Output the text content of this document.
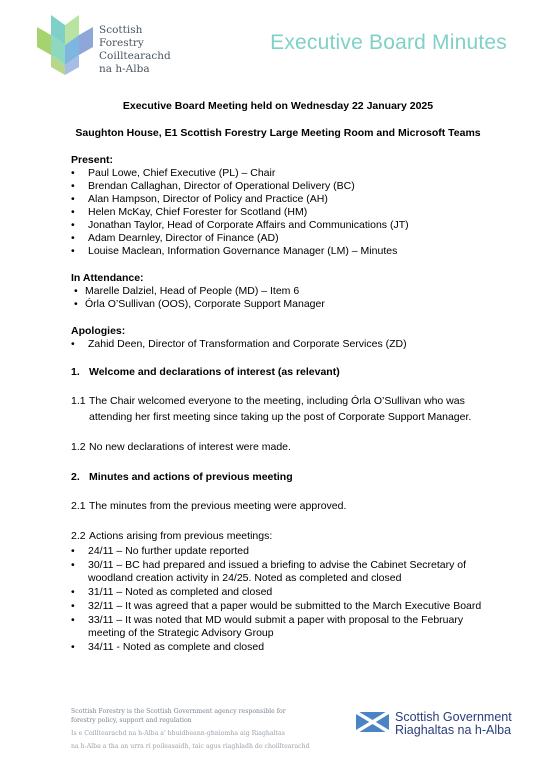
Scottish
Forestry
Coilltearachd
na h-Alba
Executive Board Minutes
Executive Board Meeting held on Wednesday 22 January 2025
Saughton House, E1 Scottish Forestry Large Meeting Room and Microsoft Teams
Present:
• Paul Lowe, Chief Executive (PL) – Chair
• Brendan Callaghan, Director of Operational Delivery (BC)
• Alan Hampson, Director of Policy and Practice (AH)
• Helen McKay, Chief Forester for Scotland (HM)
• Jonathan Taylor, Head of Corporate Affairs and Communications (JT)
• Adam Dearnley, Director of Finance (AD)
• Louise Maclean, Information Governance Manager (LM) – Minutes
In Attendance:
• Marelle Dalziel, Head of People (MD) – Item 6
• Órla O’Sullivan (OOS), Corporate Support Manager
Apologies:
• Zahid Deen, Director of Transformation and Corporate Services (ZD)
1. Welcome and declarations of interest (as relevant)
1.1 The Chair welcomed everyone to the meeting, including Órla O’Sullivan who was attending her first meeting since taking up the post of Corporate Support Manager.
1.2 No new declarations of interest were made.
2. Minutes and actions of previous meeting
2.1 The minutes from the previous meeting were approved.
2.2 Actions arising from previous meetings:
• 24/11 – No further update reported
• 30/11 – BC had prepared and issued a briefing to advise the Cabinet Secretary of woodland creation activity in 24/25. Noted as completed and closed
• 31/11 – Noted as completed and closed
• 32/11 – It was agreed that a paper would be submitted to the March Executive Board
• 33/11 – It was noted that MD would submit a paper with proposal to the February meeting of the Strategic Advisory Group
• 34/11 - Noted as complete and closed
Scottish Forestry is the Scottish Government agency responsible for
forestry policy, support and regulation
Is e Coilltearachd na h-Alba a' bhuidheann-ghnìomha aig Riaghaltas
na h-Alba a tha an urra ri poileasaidh, taic agus riaghladh do choilltearachd
Scottish Government
Riaghaltas na h-Alba
